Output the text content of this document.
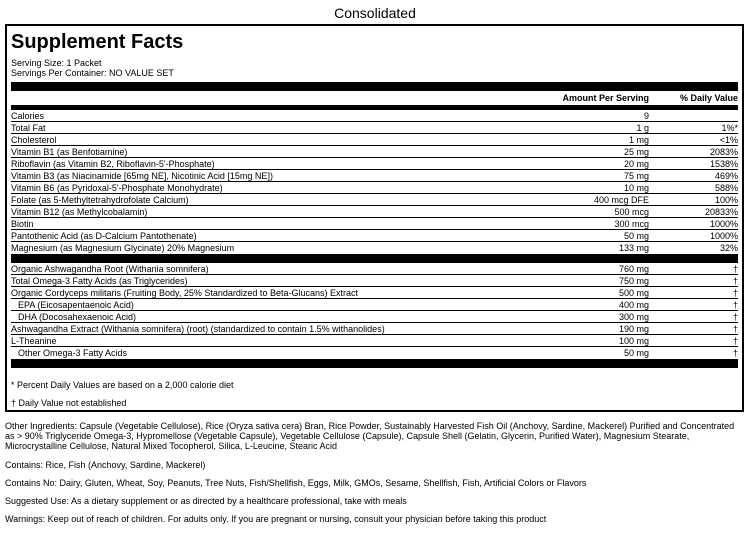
Consolidated
Supplement Facts
Serving Size: 1 Packet
Servings Per Container: NO VALUE SET
Amount Per Serving	% Daily Value
Calories	9
Total Fat	1 g	1%*
Cholesterol	1 mg	<1%
Vitamin B1 (as Benfotiamine)	25 mg	2083%
Riboflavin (as Vitamin B2, Riboflavin-5'-Phosphate)	20 mg	1538%
Vitamin B3 (as Niacinamide [65mg NE], Nicotinic Acid [15mg NE])	75 mg	469%
Vitamin B6 (as Pyridoxal-5'-Phosphate Monohydrate)	10 mg	588%
Folate (as 5-Methyltetrahydrofolate Calcium)	400 mcg DFE	100%
Vitamin B12 (as Methylcobalamin)	500 mcg	20833%
Biotin	300 mcg	1000%
Pantothenic Acid (as D-Calcium Pantothenate)	50 mg	1000%
Magnesium (as Magnesium Glycinate) 20% Magnesium	133 mg	32%
Organic Ashwagandha Root (Withania somnifera)	760 mg	†
Total Omega-3 Fatty Acids (as Triglycerides)	750 mg	†
Organic Cordyceps militaris (Fruiting Body, 25% Standardized to Beta-Glucans) Extract	500 mg	†
EPA (Eicosapentaenoic Acid)	400 mg	†
DHA (Docosahexaenoic Acid)	300 mg	†
Ashwagandha Extract (Withania somnifera) (root) (standardized to contain 1.5% withanolides)	190 mg	†
L-Theanine	100 mg	†
Other Omega-3 Fatty Acids	50 mg	†
* Percent Daily Values are based on a 2,000 calorie diet
† Daily Value not established
Other Ingredients: Capsule (Vegetable Cellulose), Rice (Oryza sativa cera) Bran, Rice Powder, Sustainably Harvested Fish Oil (Anchovy, Sardine, Mackerel) Purified and Concentrated as > 90% Triglyceride Omega-3, Hypromellose (Vegetable Capsule), Vegetable Cellulose (Capsule), Capsule Shell (Gelatin, Glycerin, Purified Water), Magnesium Stearate, Microcrystalline Cellulose, Natural Mixed Tocopherol, Silica, L-Leucine, Stearic Acid
Contains: Rice, Fish (Anchovy, Sardine, Mackerel)
Contains No: Dairy, Gluten, Wheat, Soy, Peanuts, Tree Nuts, Fish/Shellfish, Eggs, Milk, GMOs, Sesame, Shellfish, Fish, Artificial Colors or Flavors
Suggested Use: As a dietary supplement or as directed by a healthcare professional, take with meals
Warnings: Keep out of reach of children. For adults only. If you are pregnant or nursing, consult your physician before taking this product
